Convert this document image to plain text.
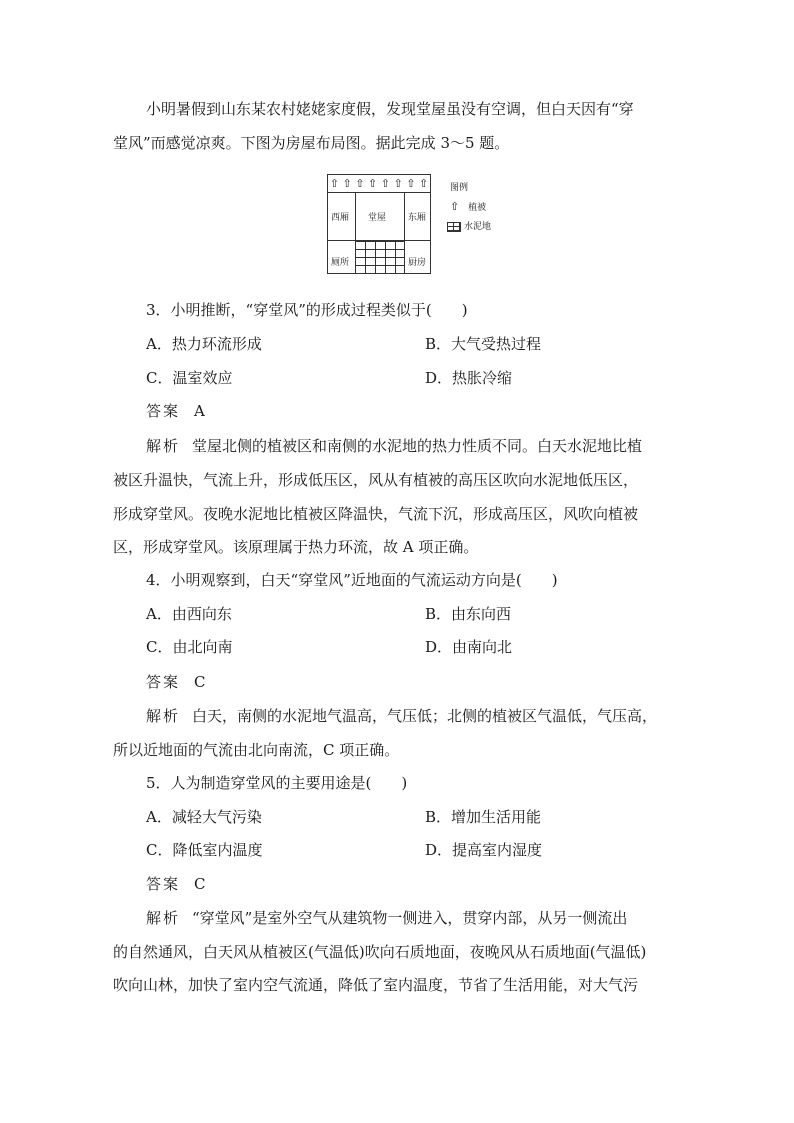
小明暑假到山东某农村姥姥家度假，发现堂屋虽没有空调，但白天因有“穿
堂风”而感觉凉爽。下图为房屋布局图。据此完成 3～5 题。
⇧ ⇧ ⇧ ⇧ ⇧ ⇧ ⇧ ⇧
西厢 堂屋 东厢
厕所	厨房
图例
⇧ 植被
水泥地
3．小明推断，“穿堂风”的形成过程类似于(　　)
A．热力环流形成	B．大气受热过程
C．温室效应	D．热胀冷缩
答案 A
解析 堂屋北侧的植被区和南侧的水泥地的热力性质不同。白天水泥地比植
被区升温快，气流上升，形成低压区，风从有植被的高压区吹向水泥地低压区，
形成穿堂风。夜晚水泥地比植被区降温快，气流下沉，形成高压区，风吹向植被
区，形成穿堂风。该原理属于热力环流，故 A 项正确。
4．小明观察到，白天“穿堂风”近地面的气流运动方向是(　　)
A．由西向东	B．由东向西
C．由北向南	D．由南向北
答案 C
解析 白天，南侧的水泥地气温高，气压低；北侧的植被区气温低，气压高，
所以近地面的气流由北向南流，C 项正确。
5．人为制造穿堂风的主要用途是(　　)
A．减轻大气污染	B．增加生活用能
C．降低室内温度	D．提高室内湿度
答案 C
解析 “穿堂风”是室外空气从建筑物一侧进入，贯穿内部，从另一侧流出
的自然通风，白天风从植被区(气温低)吹向石质地面，夜晚风从石质地面(气温低)
吹向山林，加快了室内空气流通，降低了室内温度，节省了生活用能，对大气污
